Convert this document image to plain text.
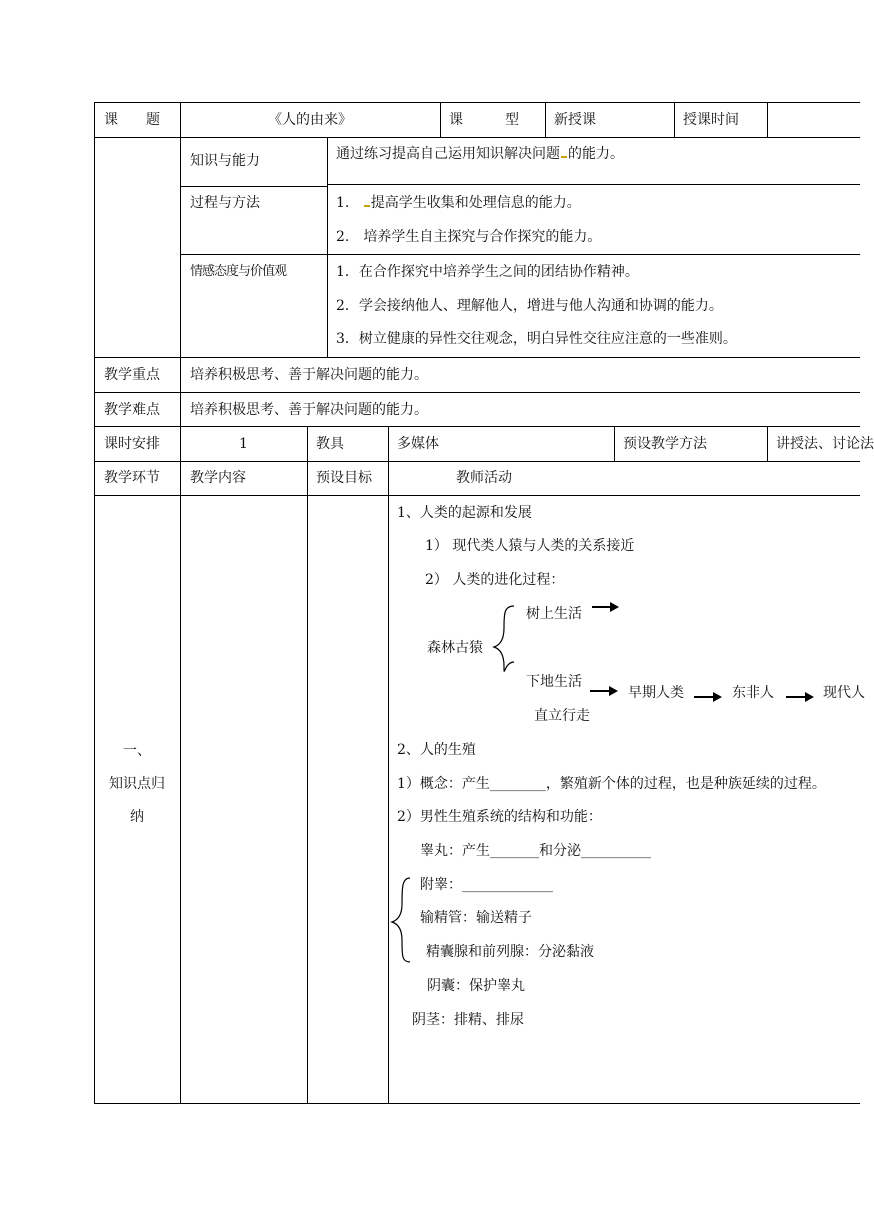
课　　题	《人的由来》	课　　　型	新授课	授课时间
知识与能力	通过练习提高自己运用知识解决问题 的能力。
过程与方法	1. 提高学生收集和处理信息的能力。
2.　培养学生自主探究与合作探究的能力。
情感态度与价值观	1．在合作探究中培养学生之间的团结协作精神。
2．学会接纳他人、理解他人，增进与他人沟通和协调的能力。
3．树立健康的异性交往观念，明白异性交往应注意的一些准则。
教学重点 培养积极思考、善于解决问题的能力。
教学难点 培养积极思考、善于解决问题的能力。
课时安排	1	教具	多媒体	预设教学方法	讲授法、讨论法
教学环节 教学内容	预设目标	教师活动
一、
知识点归
纳
1、人类的起源和发展
1） 现代类人猿与人类的关系接近
2） 人类的进化过程：
森林古猿
树上生活
下地生活
直立行走
早期人类	东非人	现代人
2、人的生殖
1）概念：产生________，繁殖新个体的过程，也是种族延续的过程。
2）男性生殖系统的结构和功能：
睾丸：产生_______和分泌__________
附睾：_____________
输精管：输送精子
精囊腺和前列腺：分泌黏液
阴囊：保护睾丸
阴茎：排精、排尿
